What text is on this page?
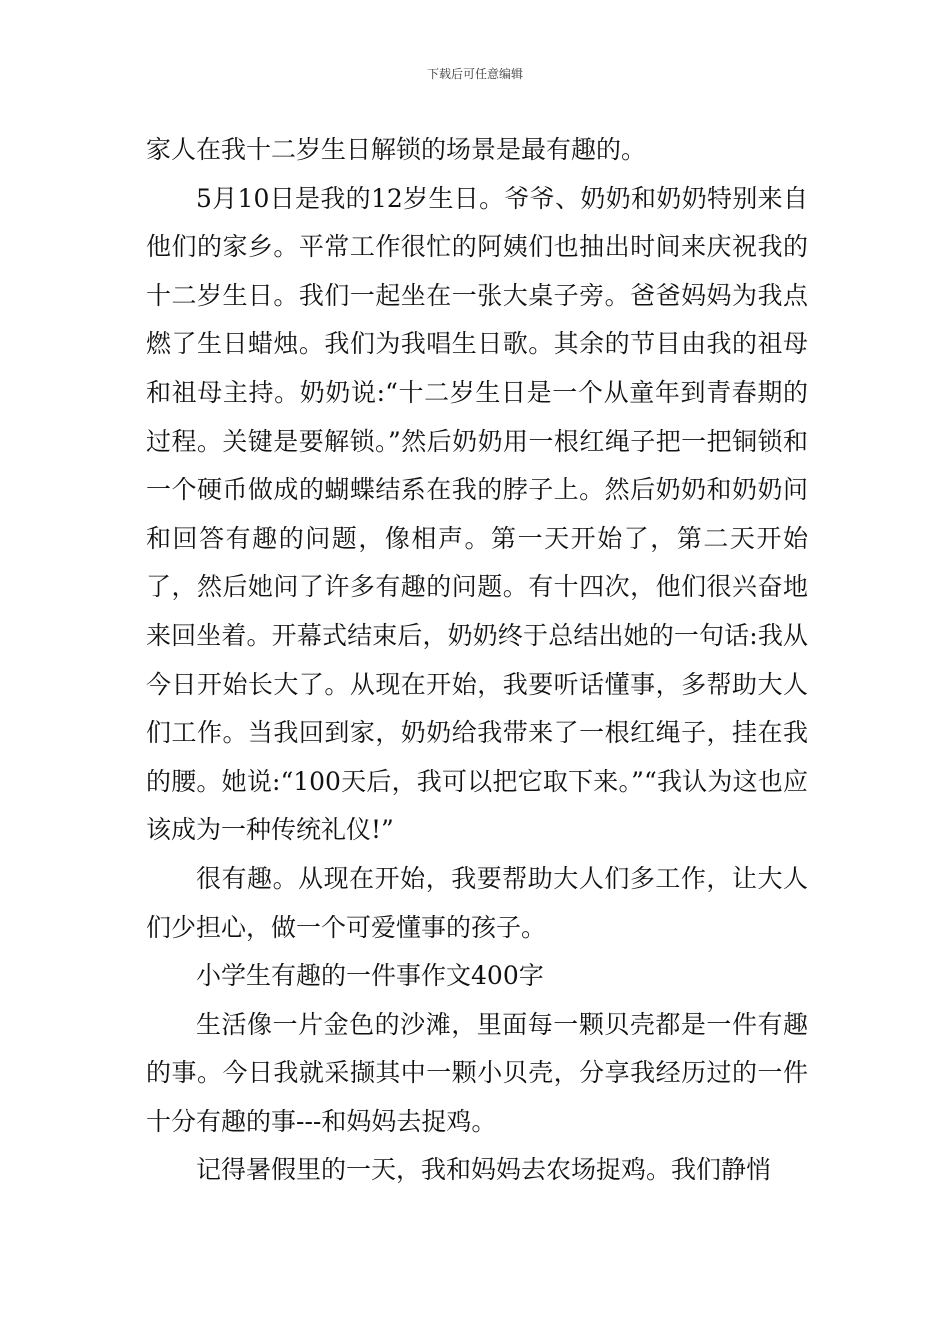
下载后可任意编辑

家人在我十二岁生日解锁的场景是最有趣的。

5月10日是我的12岁生日。爷爷、奶奶和奶奶特别来自他们的家乡。平常工作很忙的阿姨们也抽出时间来庆祝我的十二岁生日。我们一起坐在一张大桌子旁。爸爸妈妈为我点燃了生日蜡烛。我们为我唱生日歌。其余的节目由我的祖母和祖母主持。奶奶说:“十二岁生日是一个从童年到青春期的过程。关键是要解锁。”然后奶奶用一根红绳子把一把铜锁和一个硬币做成的蝴蝶结系在我的脖子上。然后奶奶和奶奶问和回答有趣的问题，像相声。第一天开始了，第二天开始了，然后她问了许多有趣的问题。有十四次，他们很兴奋地来回坐着。开幕式结束后，奶奶终于总结出她的一句话:我从今日开始长大了。从现在开始，我要听话懂事，多帮助大人们工作。当我回到家，奶奶给我带来了一根红绳子，挂在我的腰。她说:“100天后，我可以把它取下来。”“我认为这也应该成为一种传统礼仪!”

很有趣。从现在开始，我要帮助大人们多工作，让大人们少担心，做一个可爱懂事的孩子。

小学生有趣的一件事作文400字

生活像一片金色的沙滩，里面每一颗贝壳都是一件有趣的事。今日我就采撷其中一颗小贝壳，分享我经历过的一件十分有趣的事---和妈妈去捉鸡。

记得暑假里的一天，我和妈妈去农场捉鸡。我们静悄
